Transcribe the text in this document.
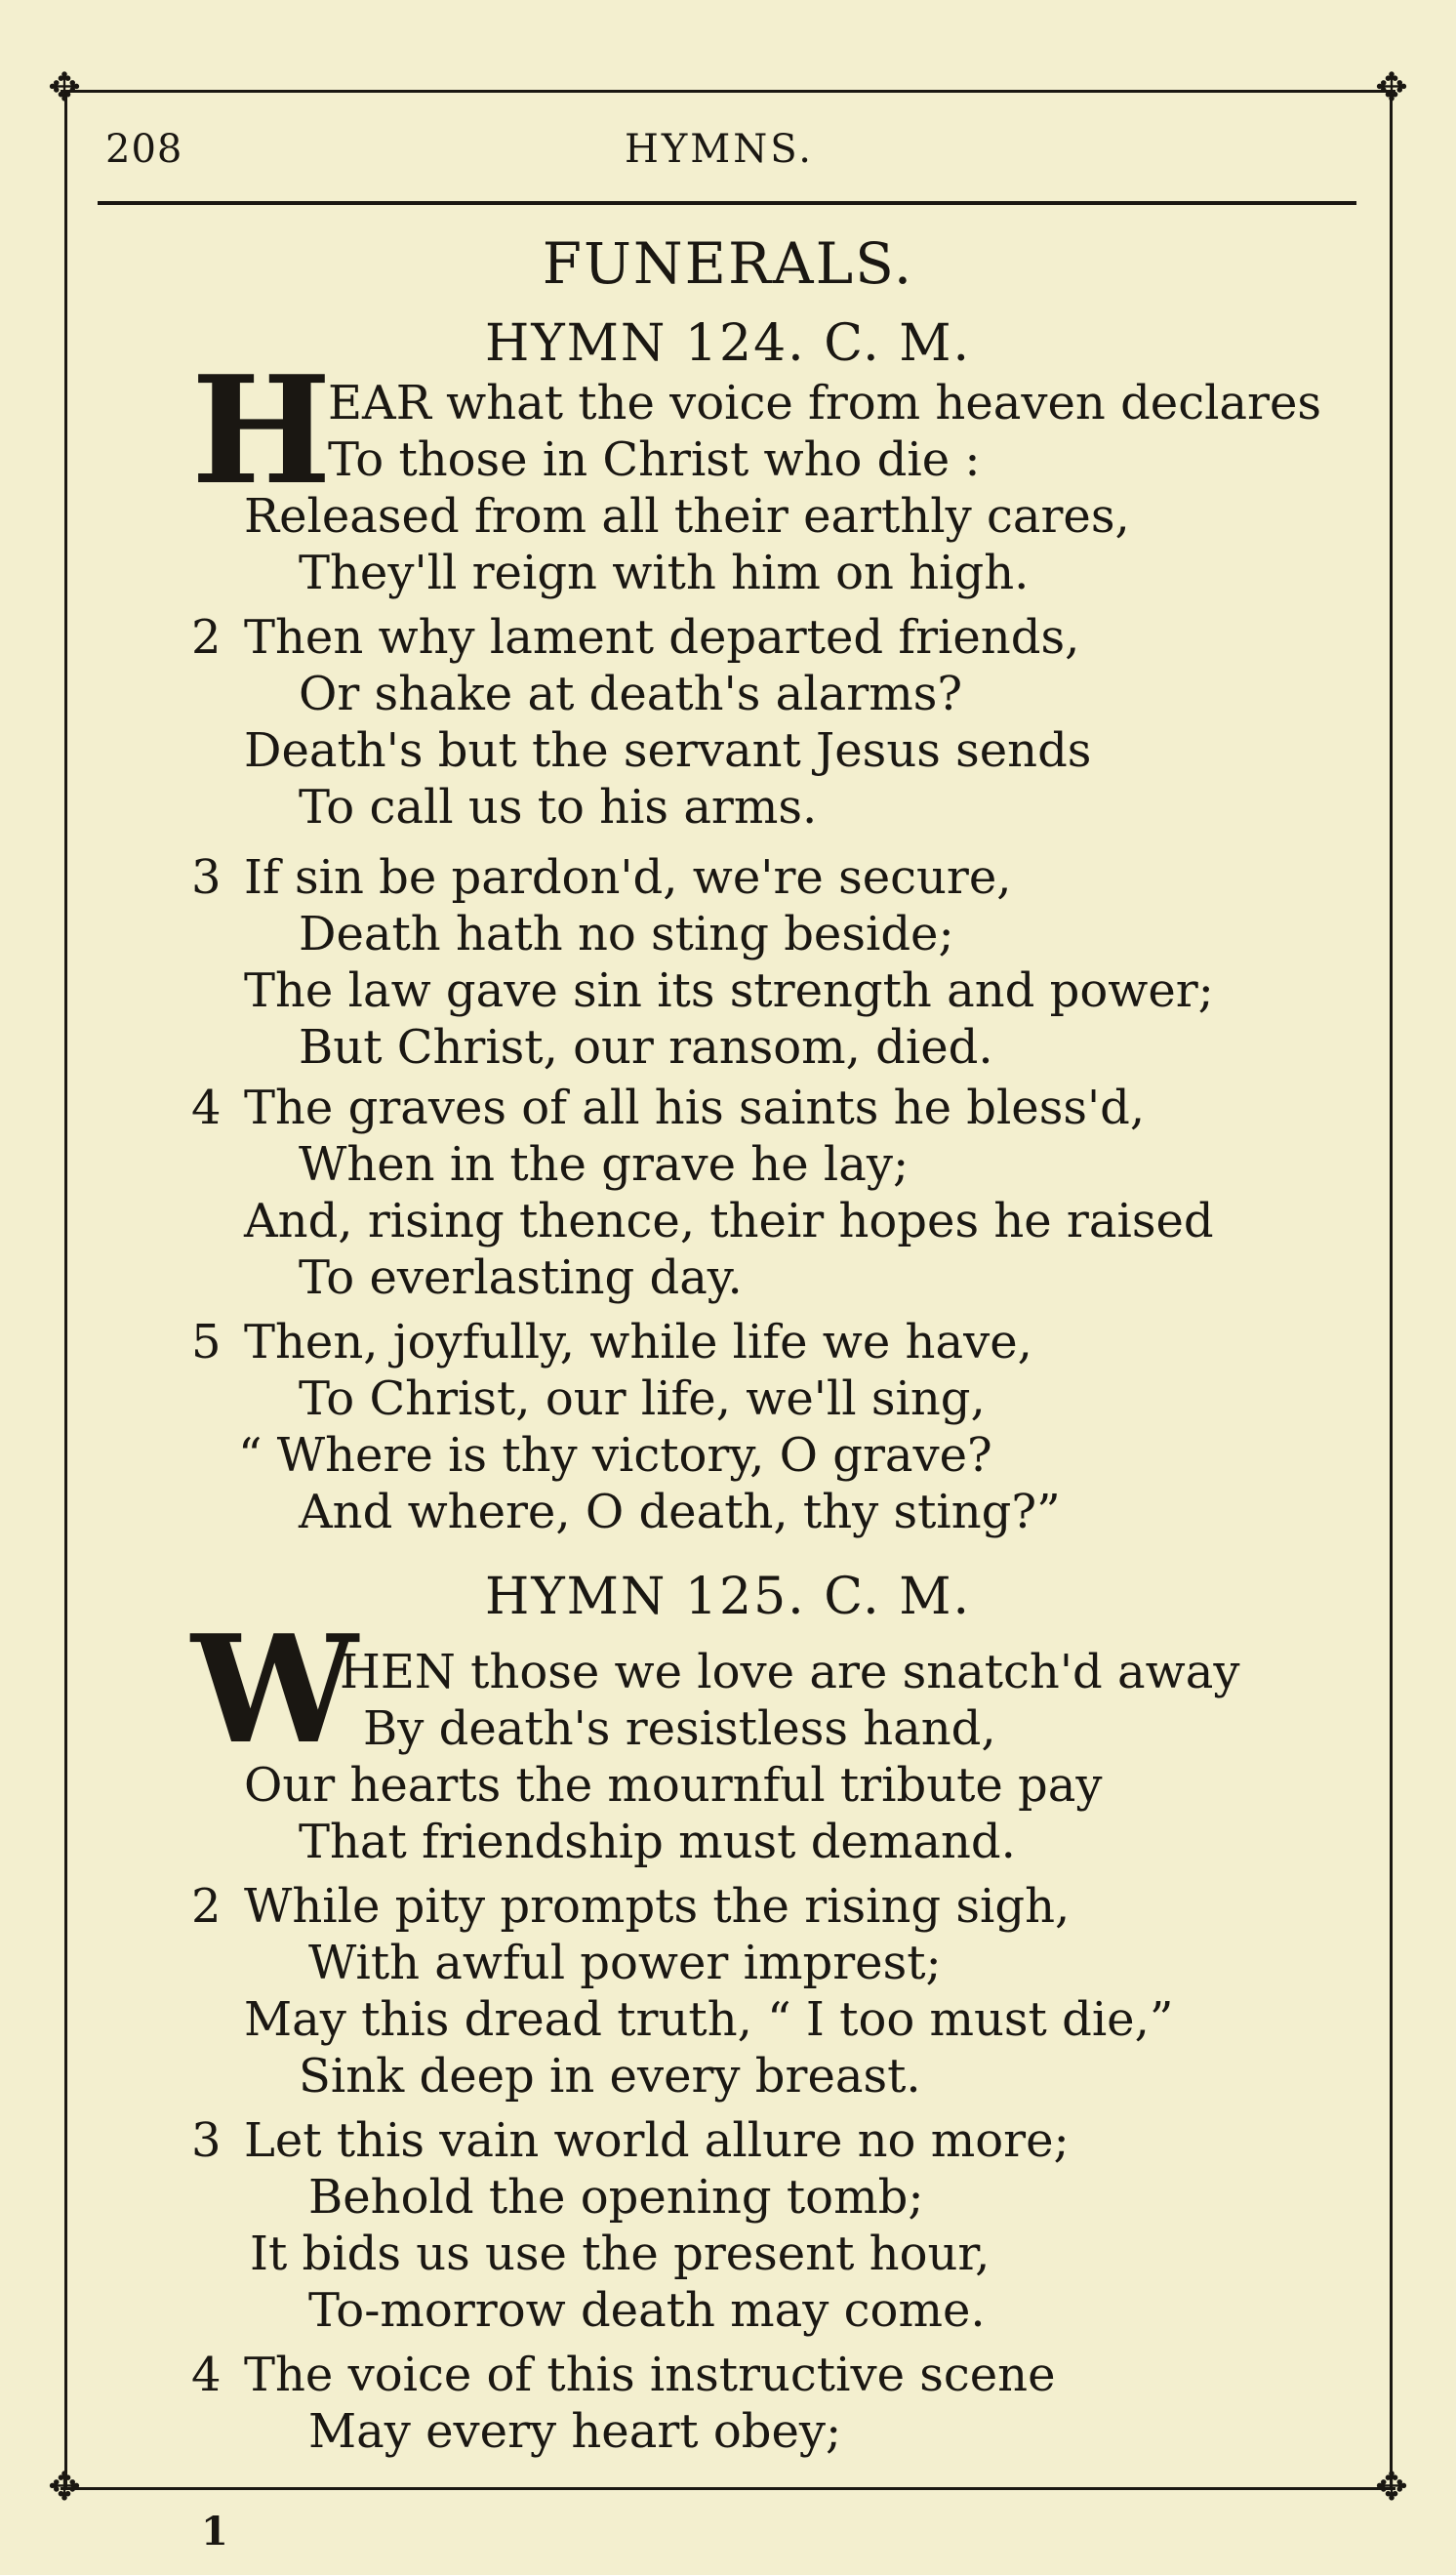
✥	✥
✥	✥
208	HYMNS.
FUNERALS.
HYMN 124. C. M.
H
EAR what the voice from heaven declares
To those in Christ who die :
Released from all their earthly cares,
They'll reign with him on high.
2 Then why lament departed friends,
Or shake at death's alarms?
Death's but the servant Jesus sends
To call us to his arms.
3 If sin be pardon'd, we're secure,
Death hath no sting beside;
The law gave sin its strength and power;
But Christ, our ransom, died.
4 The graves of all his saints he bless'd,
When in the grave he lay;
And, rising thence, their hopes he raised
To everlasting day.
5 Then, joyfully, while life we have,
To Christ, our life, we'll sing,
“ Where is thy victory, O grave?
And where, O death, thy sting?”
HYMN 125. C. M.
W
HEN those we love are snatch'd away
By death's resistless hand,
Our hearts the mournful tribute pay
That friendship must demand.
2 While pity prompts the rising sigh,
With awful power imprest;
May this dread truth, “ I too must die,”
Sink deep in every breast.
3 Let this vain world allure no more;
Behold the opening tomb;
It bids us use the present hour,
To-morrow death may come.
4 The voice of this instructive scene
May every heart obey;
1
